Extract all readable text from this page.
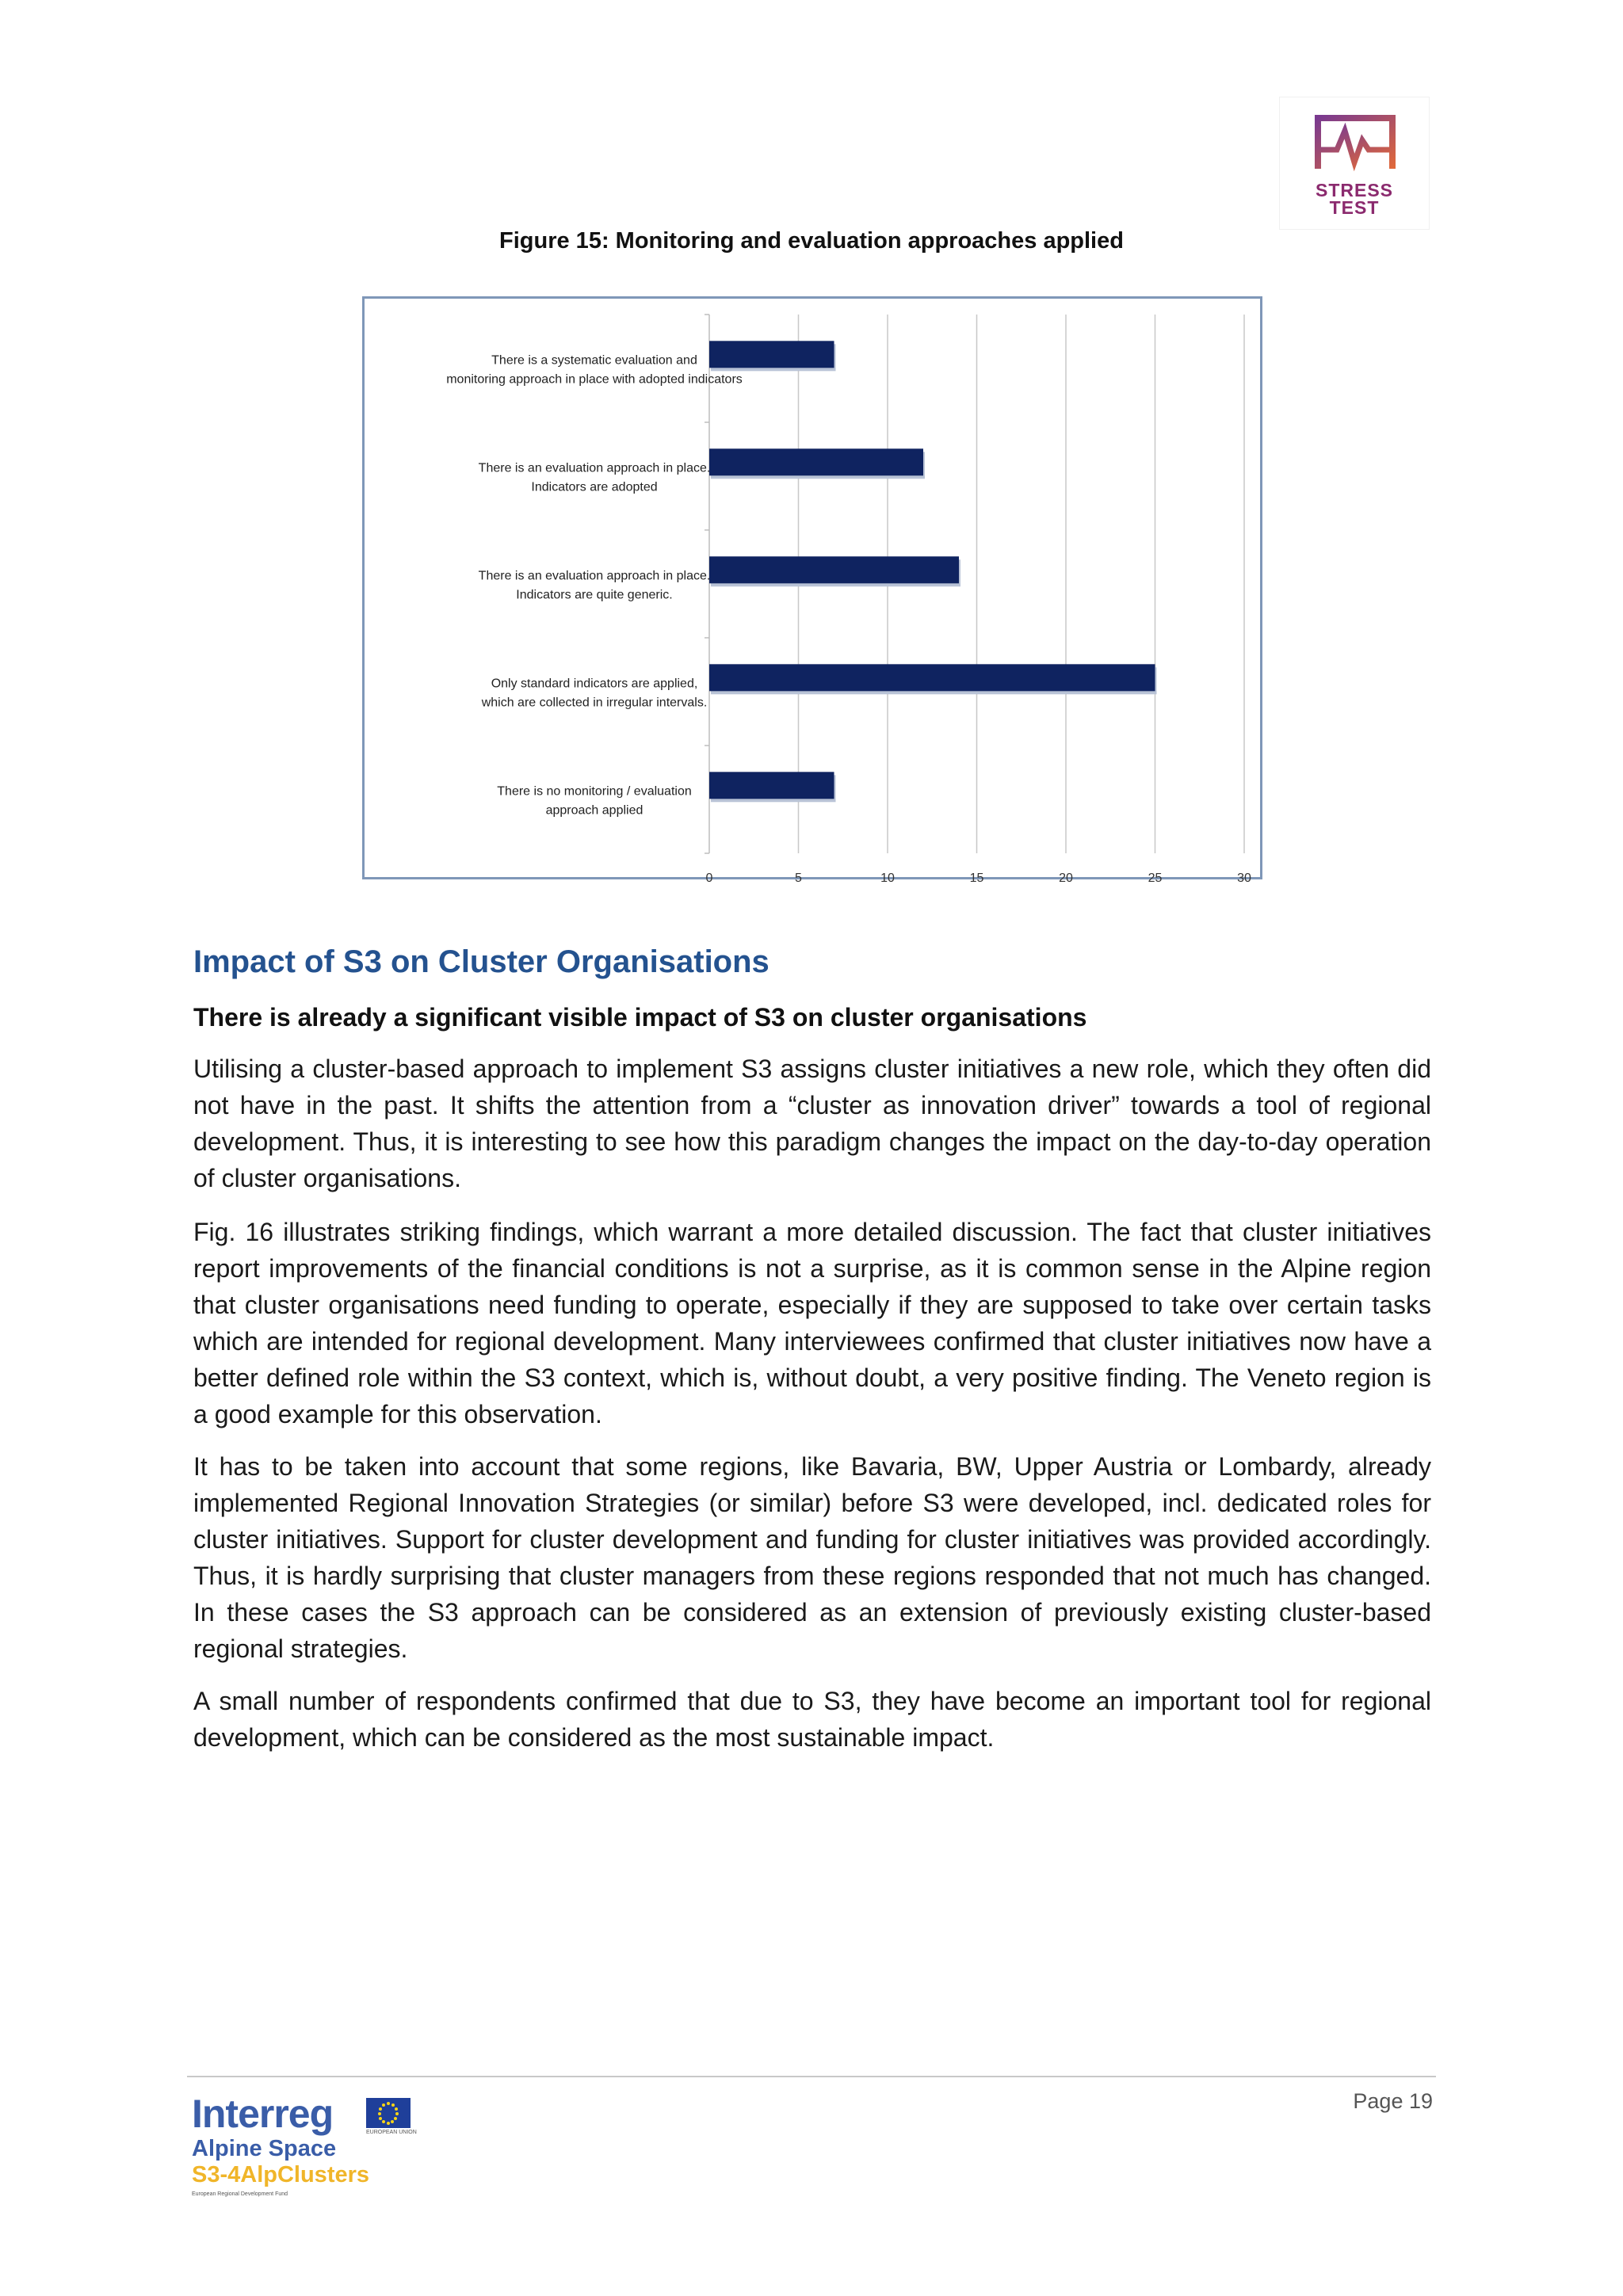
STRESS
TEST
Figure 15: Monitoring and evaluation approaches applied
0	5	10	15	20	25	30
There is a systematic evaluation and
monitoring approach in place with adopted indicators
There is an evaluation approach in place.
Indicators are adopted
There is an evaluation approach in place.
Indicators are quite generic.
Only standard indicators are applied,
which are collected in irregular intervals.
There is no monitoring / evaluation
approach applied
Impact of S3 on Cluster Organisations
There is already a significant visible impact of S3 on cluster organisations

Utilising a cluster-based approach to implement S3 assigns cluster initiatives a new role, which they often did not have in the past. It shifts the attention from a “cluster as innovation driver” towards a tool of regional development. Thus, it is interesting to see how this paradigm changes the impact on the day-to-day operation of cluster organisations.

Fig. 16 illustrates striking findings, which warrant a more detailed discussion. The fact that cluster initiatives report improvements of the financial conditions is not a surprise, as it is common sense in the Alpine region that cluster organisations need funding to operate, especially if they are supposed to take over certain tasks which are intended for regional development. Many interviewees confirmed that cluster initiatives now have a better defined role within the S3 context, which is, without doubt, a very positive finding. The Veneto region is a good example for this observation.

It has to be taken into account that some regions, like Bavaria, BW, Upper Austria or Lombardy, already implemented Regional Innovation Strategies (or similar) before S3 were developed, incl. dedicated roles for cluster initiatives. Support for cluster development and funding for cluster initiatives was provided accordingly. Thus, it is hardly surprising that cluster managers from these regions responded that not much has changed. In these cases the S3 approach can be considered as an extension of previously existing cluster-based regional strategies.

A small number of respondents confirmed that due to S3, they have become an important tool for regional development, which can be considered as the most sustainable impact.

Page 19
Interreg	EUROPEAN UNION
Alpine Space
S3-4AlpClusters
European Regional Development Fund
